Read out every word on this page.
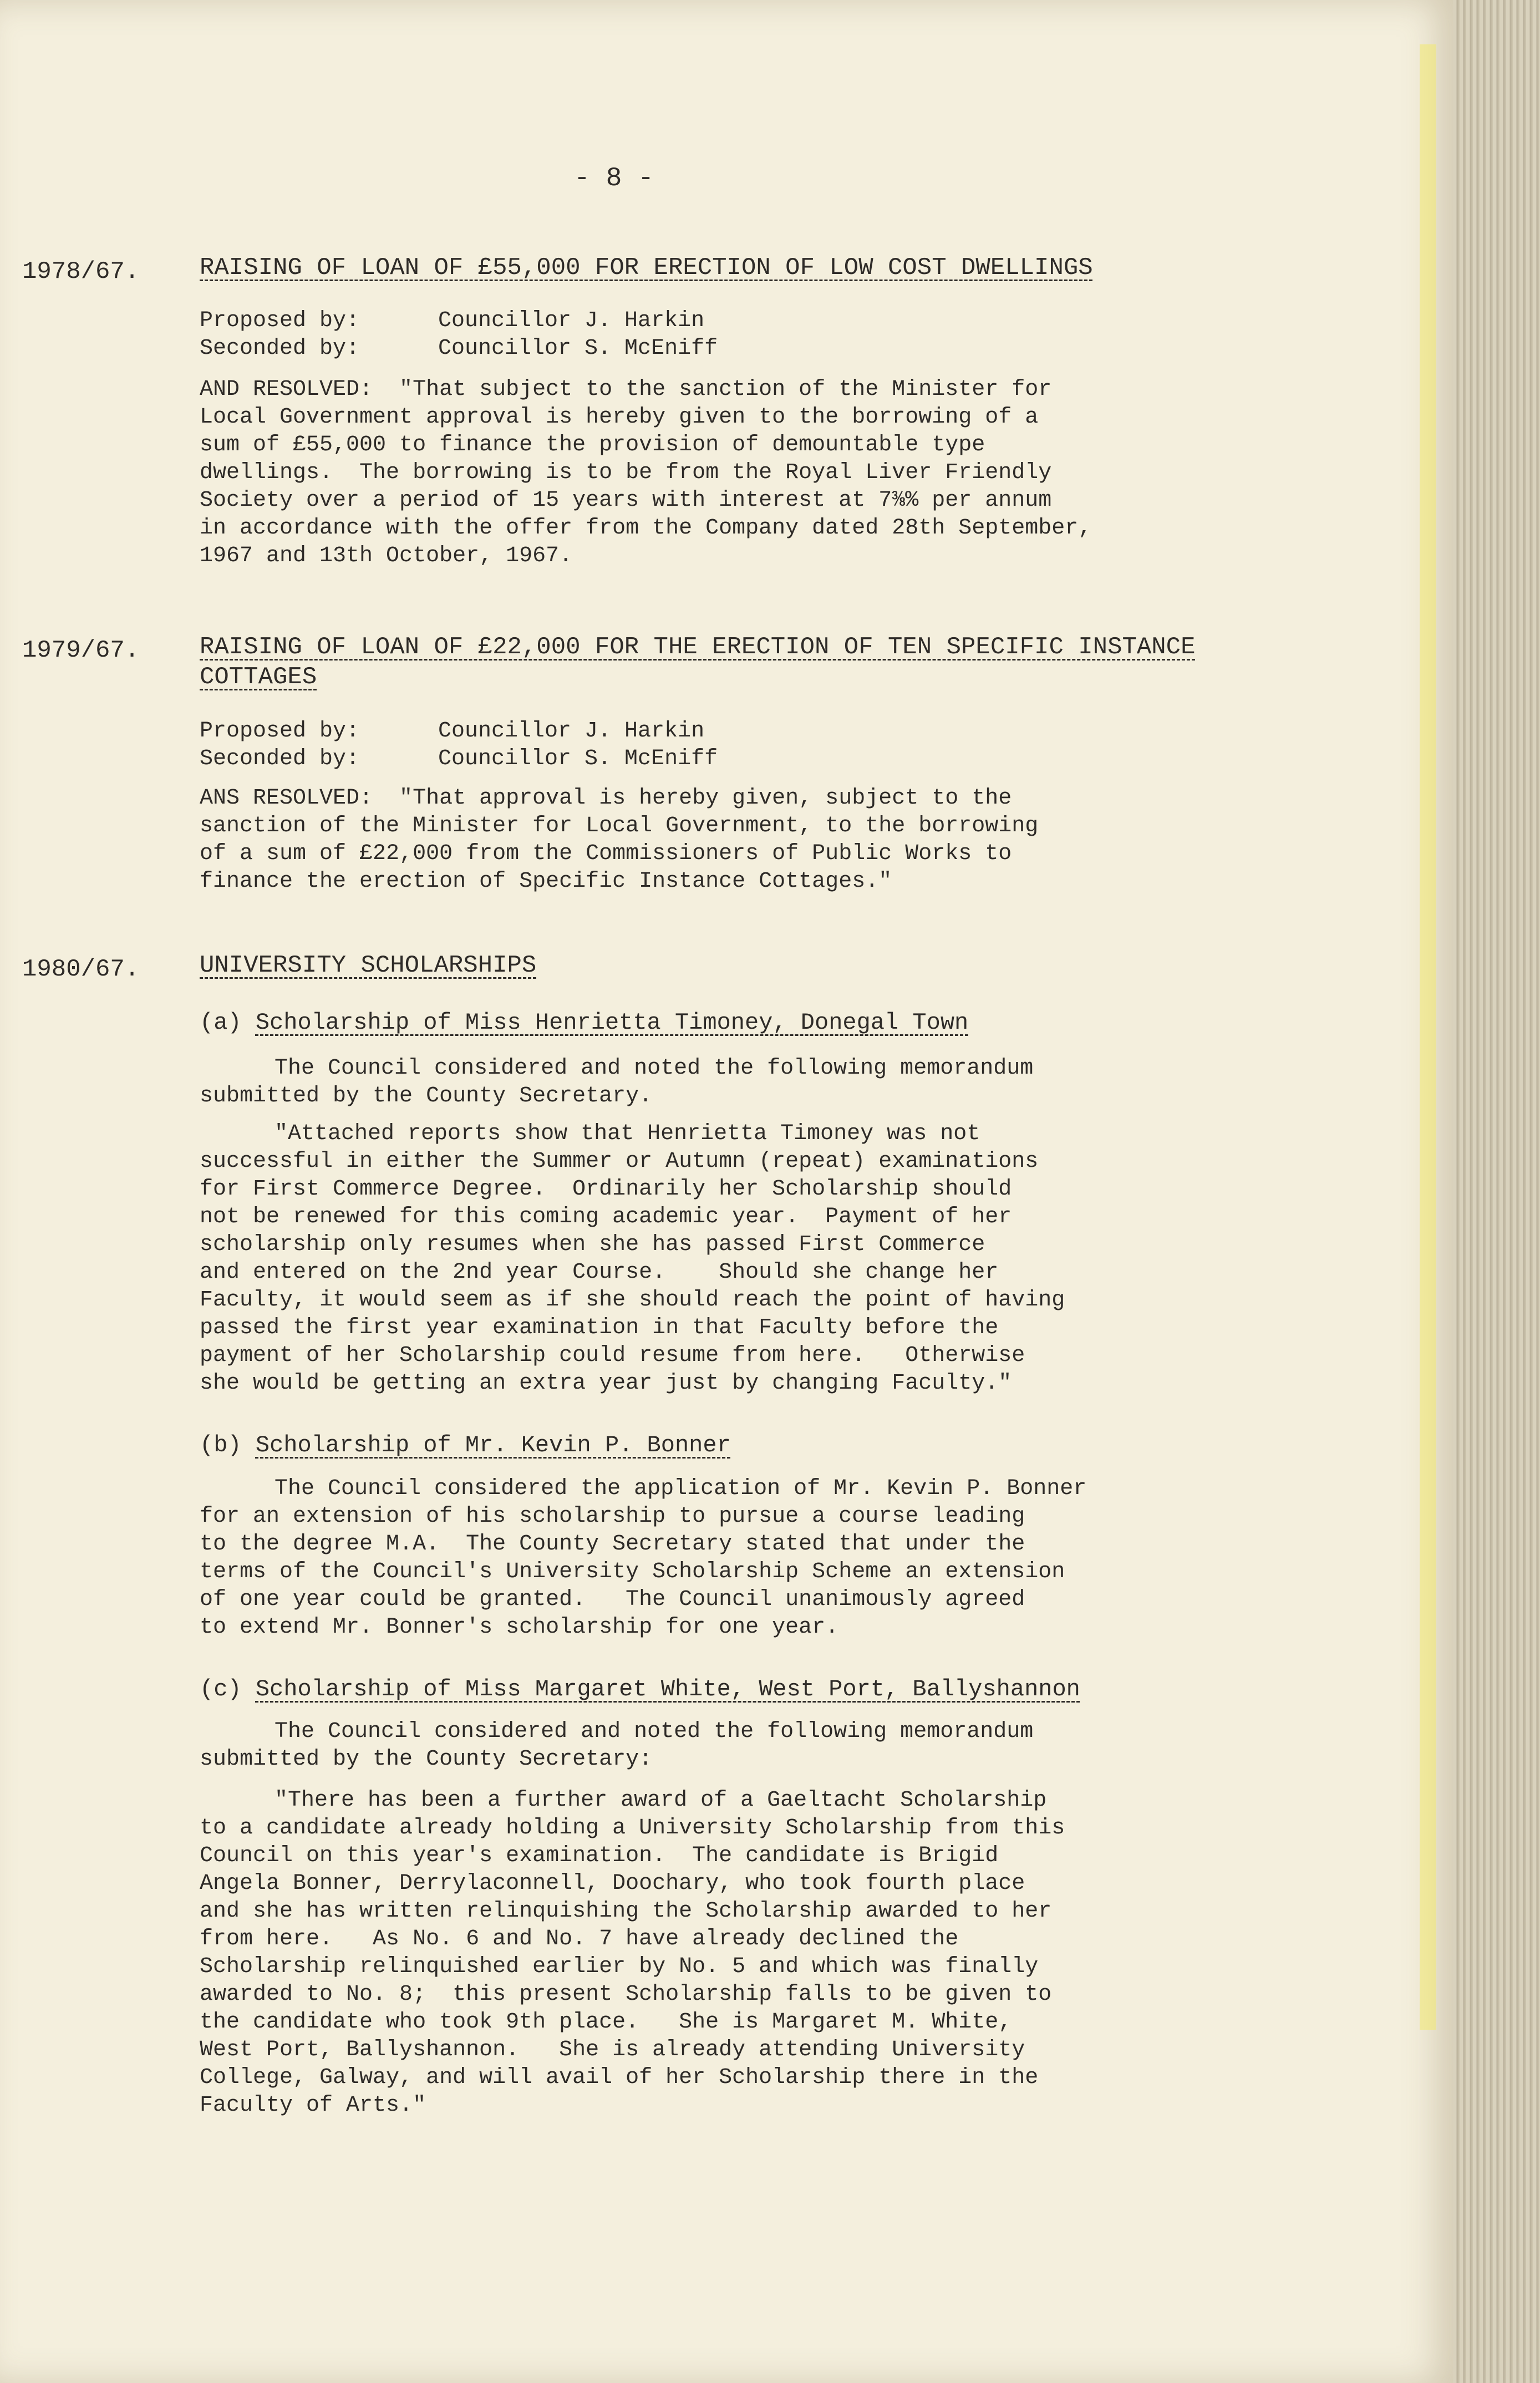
- 8 -
1978/67. RAISING OF LOAN OF £55,000 FOR ERECTION OF LOW COST DWELLINGS
Proposed by:	Councillor J. Harkin
Seconded by:	Councillor S. McEniff

AND RESOLVED:  "That subject to the sanction of the Minister for
Local Government approval is hereby given to the borrowing of a
sum of £55,000 to finance the provision of demountable type
dwellings.  The borrowing is to be from the Royal Liver Friendly
Society over a period of 15 years with interest at 7⅜% per annum
in accordance with the offer from the Company dated 28th September,
1967 and 13th October, 1967.

1979/67. RAISING OF LOAN OF £22,000 FOR THE ERECTION OF TEN SPECIFIC INSTANCE COTTAGES
Proposed by:	Councillor J. Harkin
Seconded by:	Councillor S. McEniff

ANS RESOLVED:  "That approval is hereby given, subject to the
sanction of the Minister for Local Government, to the borrowing
of a sum of £22,000 from the Commissioners of Public Works to
finance the erection of Specific Instance Cottages."

1980/67. UNIVERSITY SCHOLARSHIPS
(a) Scholarship of Miss Henrietta Timoney, Donegal Town

The Council considered and noted the following memorandum
submitted by the County Secretary.

"Attached reports show that Henrietta Timoney was not
successful in either the Summer or Autumn (repeat) examinations
for First Commerce Degree.  Ordinarily her Scholarship should
not be renewed for this coming academic year.  Payment of her
scholarship only resumes when she has passed First Commerce
and entered on the 2nd year Course.    Should she change her
Faculty, it would seem as if she should reach the point of having
passed the first year examination in that Faculty before the
payment of her Scholarship could resume from here.   Otherwise
she would be getting an extra year just by changing Faculty."

(b) Scholarship of Mr. Kevin P. Bonner

The Council considered the application of Mr. Kevin P. Bonner
for an extension of his scholarship to pursue a course leading
to the degree M.A.  The County Secretary stated that under the
terms of the Council's University Scholarship Scheme an extension
of one year could be granted.   The Council unanimously agreed
to extend Mr. Bonner's scholarship for one year.

(c) Scholarship of Miss Margaret White, West Port, Ballyshannon

The Council considered and noted the following memorandum
submitted by the County Secretary:

"There has been a further award of a Gaeltacht Scholarship
to a candidate already holding a University Scholarship from this
Council on this year's examination.  The candidate is Brigid
Angela Bonner, Derrylaconnell, Doochary, who took fourth place
and she has written relinquishing the Scholarship awarded to her
from here.   As No. 6 and No. 7 have already declined the
Scholarship relinquished earlier by No. 5 and which was finally
awarded to No. 8;  this present Scholarship falls to be given to
the candidate who took 9th place.   She is Margaret M. White,
West Port, Ballyshannon.   She is already attending University
College, Galway, and will avail of her Scholarship there in the
Faculty of Arts."
